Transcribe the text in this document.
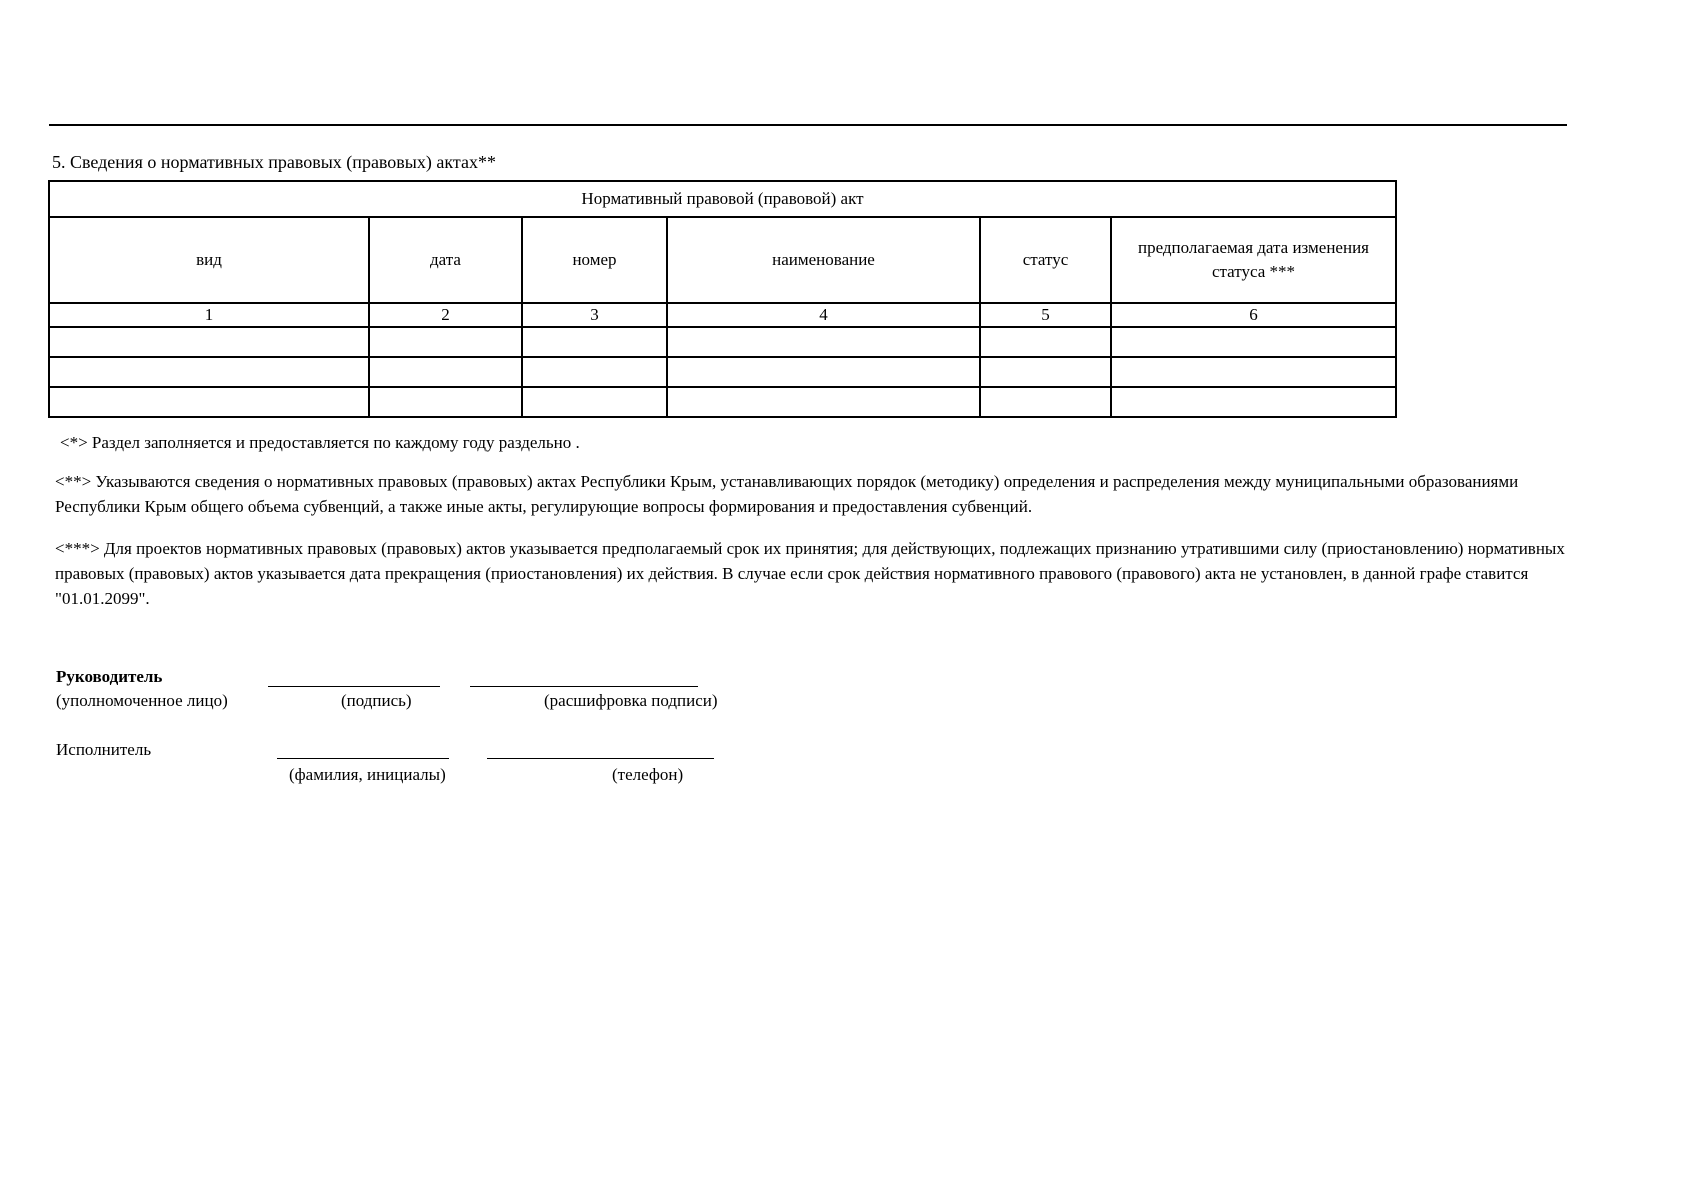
5. Сведения о нормативных правовых (правовых) актах**
Нормативный правовой (правовой) акт					
вид	дата	номер	наименование	статус	предполагаемая дата изменения статуса ***
1	2	3	4	5	6

<*> Раздел заполняется и предоставляется по каждому году раздельно .
<**> Указываются сведения о нормативных правовых (правовых) актах Республики Крым, устанавливающих порядок (методику) определения и распределения между муниципальными образованиями Республики Крым общего объема субвенций, а также иные акты, регулирующие вопросы формирования и предоставления субвенций.
<***> Для проектов нормативных правовых (правовых) актов указывается предполагаемый срок их принятия; для действующих, подлежащих признанию утратившими силу (приостановлению) нормативных правовых (правовых) актов указывается дата прекращения (приостановления) их действия. В случае если срок действия нормативного правового (правового) акта не установлен, в данной графе ставится "01.01.2099".
Руководитель
(уполномоченное лицо)	(подпись)	(расшифровка подписи)
Исполнитель
(фамилия, инициалы)	(телефон)
